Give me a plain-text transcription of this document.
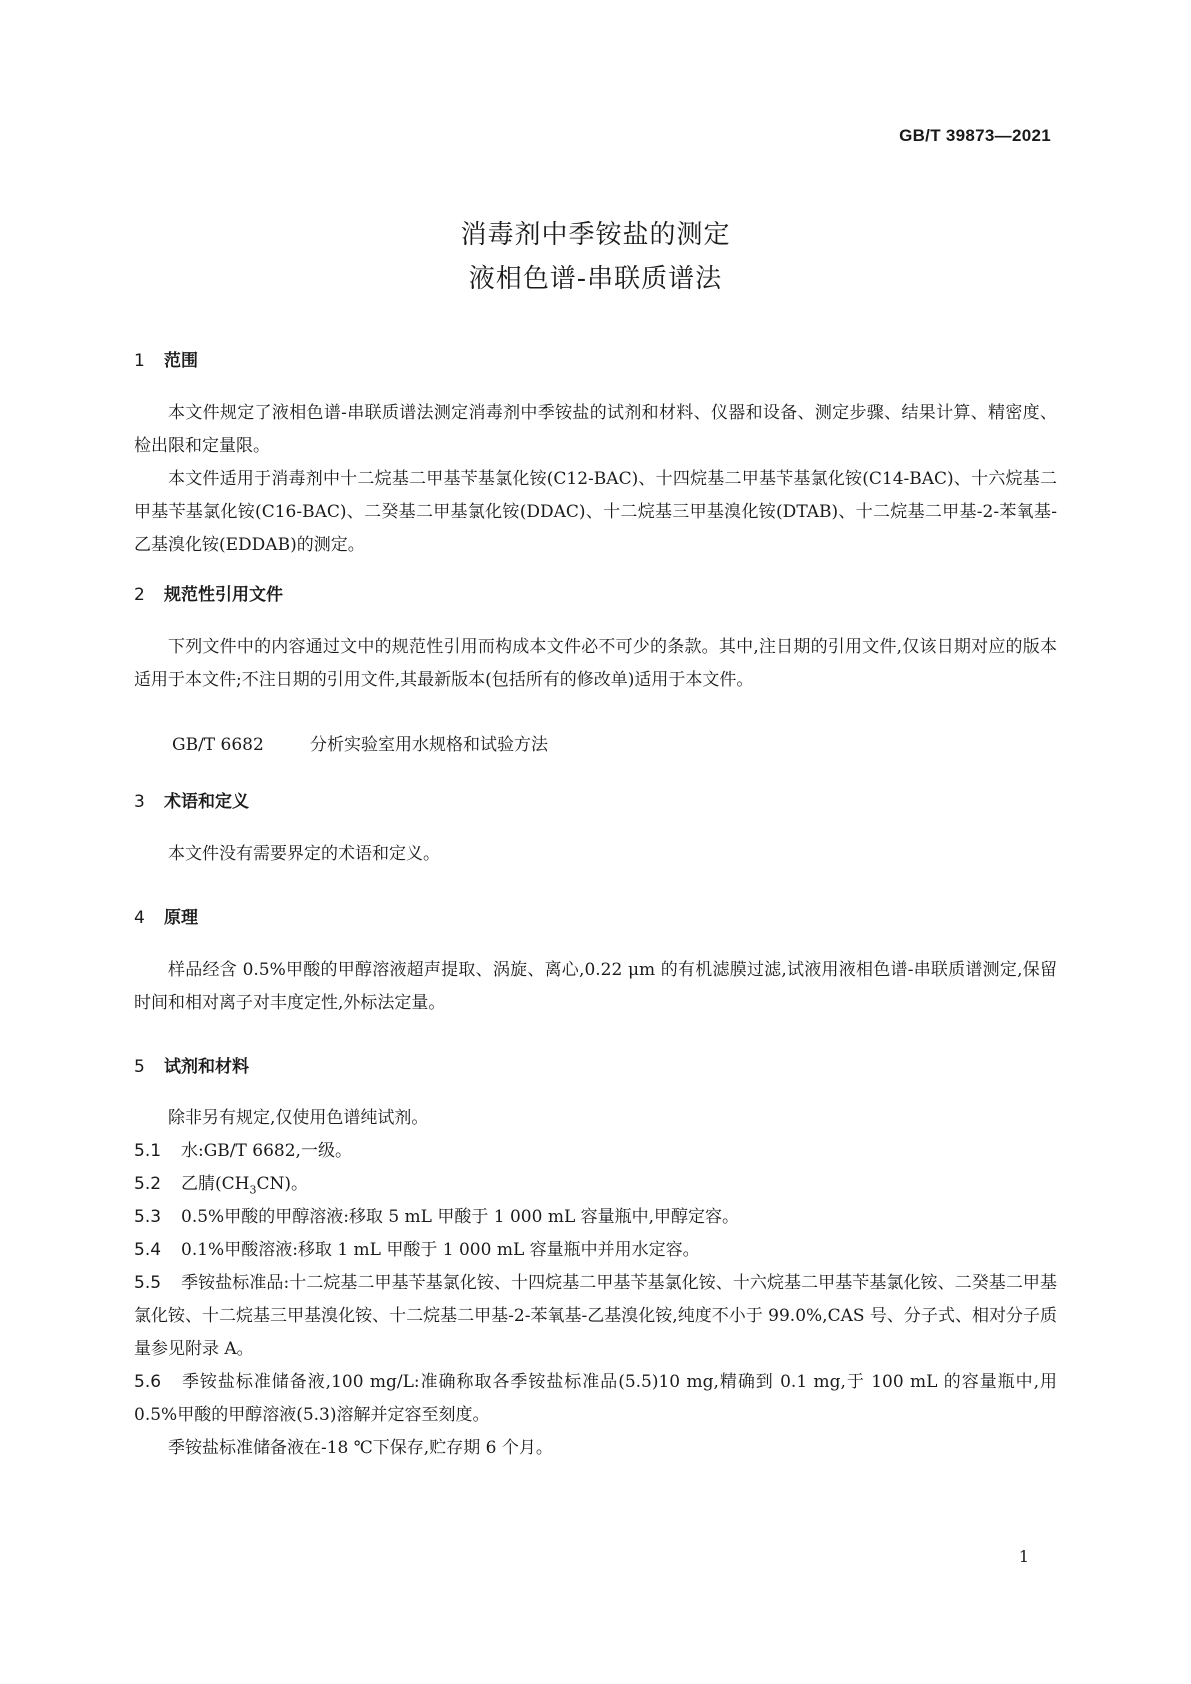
GB/T 39873—2021
消毒剂中季铵盐的测定
液相色谱-串联质谱法
1 范围
本文件规定了液相色谱-串联质谱法测定消毒剂中季铵盐的试剂和材料、仪器和设备、测定步骤、结果计算、精密度、检出限和定量限。
本文件适用于消毒剂中十二烷基二甲基苄基氯化铵(C12-BAC)、十四烷基二甲基苄基氯化铵(C14-BAC)、十六烷基二甲基苄基氯化铵(C16-BAC)、二癸基二甲基氯化铵(DDAC)、十二烷基三甲基溴化铵(DTAB)、十二烷基二甲基-2-苯氧基-乙基溴化铵(EDDAB)的测定。
2 规范性引用文件
下列文件中的内容通过文中的规范性引用而构成本文件必不可少的条款。其中,注日期的引用文件,仅该日期对应的版本适用于本文件;不注日期的引用文件,其最新版本(包括所有的修改单)适用于本文件。
GB/T 6682	分析实验室用水规格和试验方法
3 术语和定义
本文件没有需要界定的术语和定义。
4 原理
样品经含 0.5%甲酸的甲醇溶液超声提取、涡旋、离心,0.22 μm 的有机滤膜过滤,试液用液相色谱-串联质谱测定,保留时间和相对离子对丰度定性,外标法定量。
5 试剂和材料
除非另有规定,仅使用色谱纯试剂。
5.1 水:GB/T 6682,一级。
5.2 乙腈$(CH_3CN)$。
5.3 0.5%甲酸的甲醇溶液:移取 5 mL 甲酸于 1 000 mL 容量瓶中,甲醇定容。
5.4 0.1%甲酸溶液:移取 1 mL 甲酸于 1 000 mL 容量瓶中并用水定容。
5.5 季铵盐标准品:十二烷基二甲基苄基氯化铵、十四烷基二甲基苄基氯化铵、十六烷基二甲基苄基氯化铵、二癸基二甲基氯化铵、十二烷基三甲基溴化铵、十二烷基二甲基-2-苯氧基-乙基溴化铵,纯度不小于 99.0%,CAS 号、分子式、相对分子质量参见附录 A。
5.6 季铵盐标准储备液,100 mg/L:准确称取各季铵盐标准品(5.5)10 mg,精确到 0.1 mg,于 100 mL 的容量瓶中,用 0.5%甲酸的甲醇溶液(5.3)溶解并定容至刻度。
季铵盐标准储备液在-18 ℃下保存,贮存期 6 个月。
1
